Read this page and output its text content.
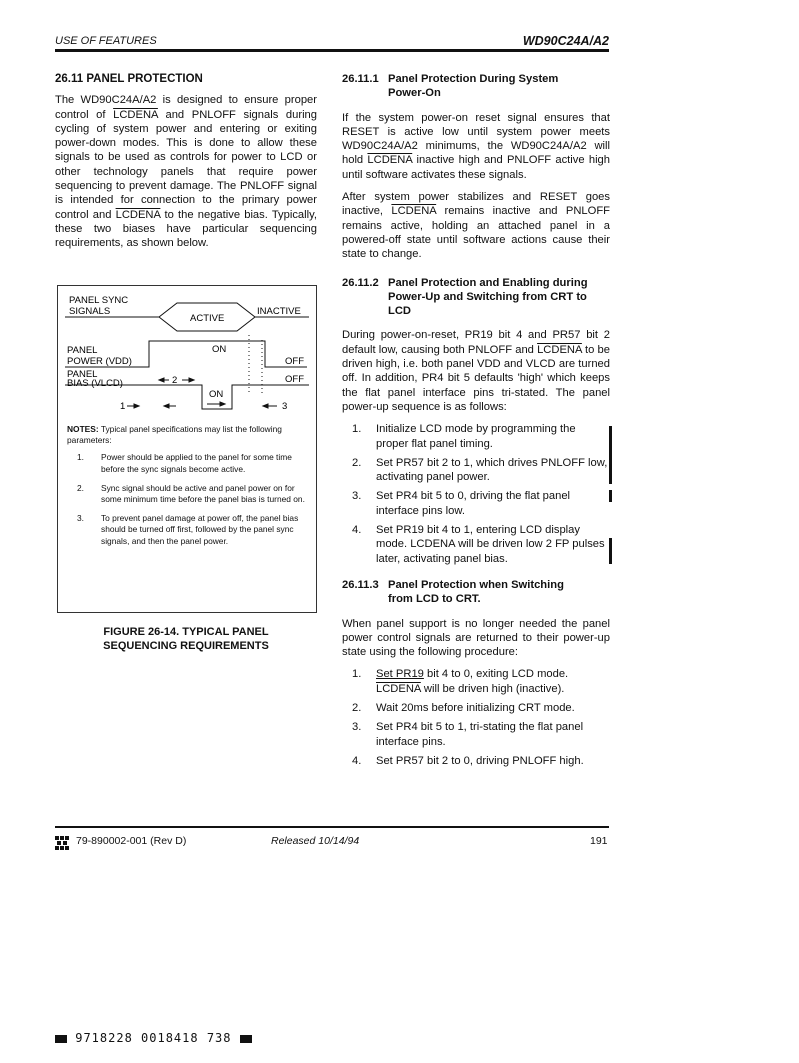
USE OF FEATURES	WD90C24A/A2
26.11 PANEL PROTECTION

The WD90C24A/A2 is designed to ensure proper control of LCDENA and PNLOFF signals during cycling of system power and entering or exiting power-down modes. This is done to allow these signals to be used as controls for power to LCD or other technology panels that require power sequencing to prevent damage. The PNLOFF signal is intended for connection to the primary power control and LCDENA to the negative bias. Typically, these two biases have particular sequencing requirements, as shown below.

PANEL SYNC
SIGNALS
ACTIVE
INACTIVE
PANEL
POWER (VDD)
ON
OFF
PANEL
BIAS (VLCD)	OFF
ON
2
1	3
NOTES: Typical panel specifications may list the following parameters:
1. Power should be applied to the panel for some time before the sync signals become active.
2. Sync signal should be active and panel power on for some minimum time before the panel bias is turned on.
3. To prevent panel damage at power off, the panel bias should be turned off first, followed by the panel sync signals, and then the panel power.
FIGURE 26-14. TYPICAL PANEL
SEQUENCING REQUIREMENTS
26.11.1 Panel Protection During System
Power-On

If the system power-on reset signal ensures that RESET is active low until system power meets WD90C24A/A2 minimums, the WD90C24A/A2 will hold LCDENA inactive high and PNLOFF active high until software activates these signals.

After system power stabilizes and RESET goes inactive, LCDENA remains inactive and PNLOFF remains active, holding an attached panel in a powered-off state until software actions cause their state to change.

26.11.2 Panel Protection and Enabling during
Power-Up and Switching from CRT to
LCD

During power-on-reset, PR19 bit 4 and PR57 bit 2 default low, causing both PNLOFF and LCDENA to be driven high, i.e. both panel VDD and VLCD are turned off. In addition, PR4 bit 5 defaults 'high' which keeps the flat panel interface pins tri-stated. The panel power-up sequence is as follows:

1. Initialize LCD mode by programming the proper flat panel timing.
2. Set PR57 bit 2 to 1, which drives PNLOFF low, activating panel power.
3. Set PR4 bit 5 to 0, driving the flat panel interface pins low.
4. Set PR19 bit 4 to 1, entering LCD display mode. LCDENA will be driven low 2 FP pulses later, activating panel bias.
26.11.3 Panel Protection when Switching
from LCD to CRT.

When panel support is no longer needed the panel power control signals are returned to their power-up state using the following procedure:

1. Set PR19 bit 4 to 0, exiting LCD mode. LCDENA will be driven high (inactive).
2. Wait 20ms before initializing CRT mode.
3. Set PR4 bit 5 to 1, tri-stating the flat panel interface pins.
4. Set PR57 bit 2 to 0, driving PNLOFF high.
79-890002-001 (Rev D)	Released 10/14/94	191
9718228 0018418 738
